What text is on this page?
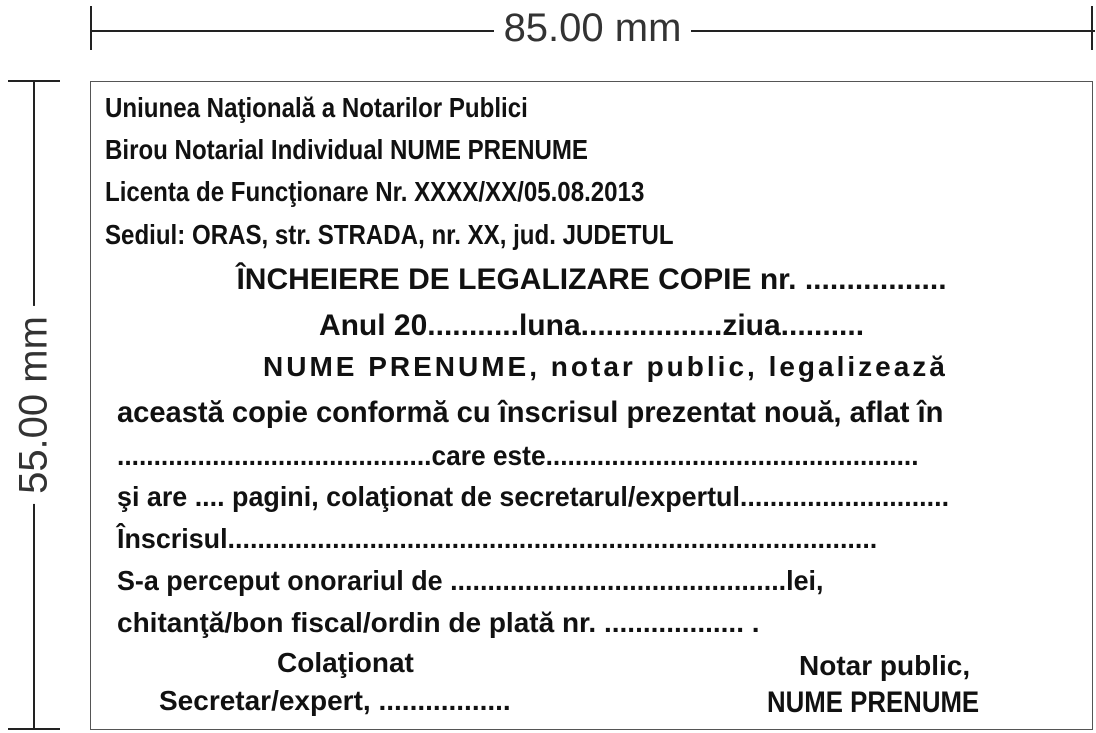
85.00 mm
55.00 mm
Uniunea Naţională a Notarilor Publici
Birou Notarial Individual NUME PRENUME
Licenta de Funcţionare Nr. XXXX/XX/05.08.2013
Sediul: ORAS, str. STRADA, nr. XX, jud. JUDETUL
ÎNCHEIERE DE LEGALIZARE COPIE nr. .................
Anul 20...........luna.................ziua..........
NUME PRENUME, notar public, legalizează
această copie conformă cu înscrisul prezentat nouă, aflat în
...........................................care este...................................................
şi are .... pagini, colaţionat de secretarul/expertul............................
Înscrisul.......................................................................................
S-a perceput onorariul de .............................................lei,
chitanţă/bon fiscal/ordin de plată nr. .................. .
Colaţionat
Secretar/expert, .................
Notar public,
NUME PRENUME
